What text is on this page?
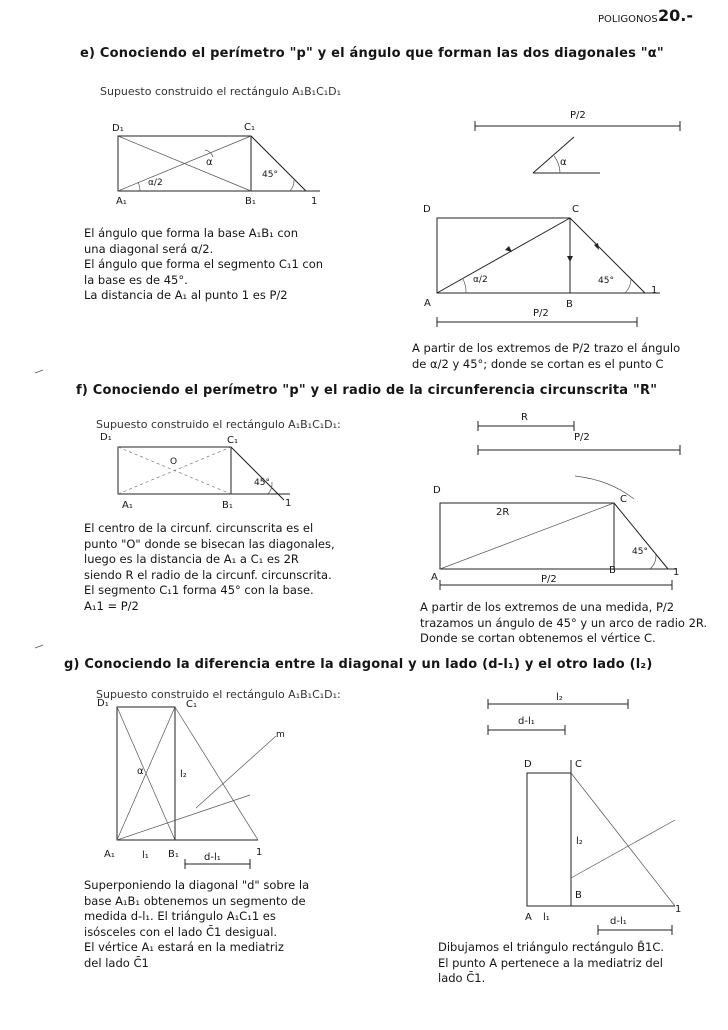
POLIGONOS 20.-
e) Conociendo el perímetro "p" y el ángulo que forman las dos diagonales "α"
Supuesto construido el rectángulo A₁B₁C₁D₁
D₁	C₁
A₁	B₁	1
α
α/2
45°
P/2
α
D	C
A	B
1
α/2	45°
P/2
El ángulo que forma la base A₁B₁ con
una diagonal será α/2.
El ángulo que forma el segmento C₁1 con
la base es de 45°.
La distancia de A₁ al punto 1 es P/2
A partir de los extremos de P/2 trazo el ángulo
de α/2 y 45°; donde se cortan es el punto C
f) Conociendo el perímetro "p" y el radio de la circunferencia circunscrita "R"
Supuesto construido el rectángulo A₁B₁C₁D₁:
D₁	C₁
O
A₁	B₁	1
45°
R
P/2
D
C
A
B	1
2R
45°
P/2
El centro de la circunf. circunscrita es el
punto "O" donde se bisecan las diagonales,
luego es la distancia de A₁ a C₁ es 2R
siendo R el radio de la circunf. circunscrita.
El segmento C₁1 forma 45° con la base.
A₁1 = P/2	A partir de los extremos de una medida, P/2
trazamos un ángulo de 45° y un arco de radio 2R.
Donde se cortan obtenemos el vértice C.
g) Conociendo la diferencia entre la diagonal y un lado (d-l₁) y el otro lado (l₂)
Supuesto construido el rectángulo A₁B₁C₁D₁:
D₁	C₁
α	l₂
A₁	l₁ B₁	1
d-l₁
m
l₂
d-l₁
D	C
l₂
B
A l₁
1
d-l₁
Superponiendo la diagonal "d" sobre la
base A₁B₁ obtenemos un segmento de
medida d-l₁. El triángulo A₁C₁1 es
isósceles con el lado C̄1 desigual.
El vértice A₁ estará en la mediatriz
del lado C̄1
Dibujamos el triángulo rectángulo B̂1C.
El punto A pertenece a la mediatriz del
lado C̄1.
